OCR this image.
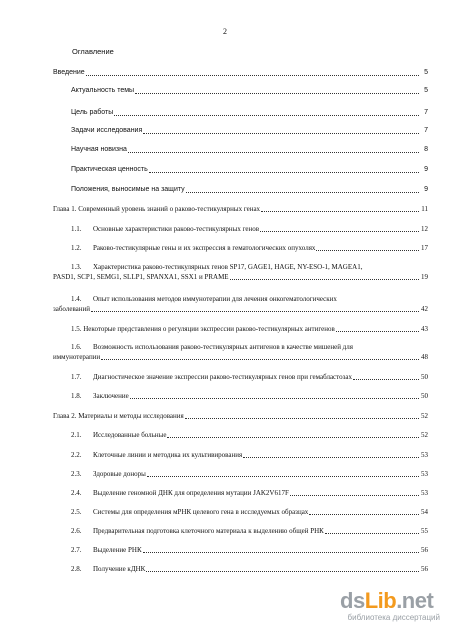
2
Оглавление
Введение	5
Актуальность темы	5
Цель работы	7
Задачи исследования	7
Научная новизна	8
Практическая ценность	9
Положения, выносимые на защиту	9
Глава 1. Современный уровень знаний о раково-тестикулярных генах	11
1.1.	Основные характеристики раково-тестикулярных генов	12
1.2.	Раково-тестикулярные гены и их экспрессия в гематологических опухолях	17
1.3. Характеристика раково-тестикулярных генов SP17, GAGE1, HAGE, NY-ESO-1, MAGEA1,
PASD1, SCP1, SEMG1, SLLP1, SPANXA1, SSX1 и PRAME	19
1.4. Опыт использования методов иммунотерапии для лечения онкогематологических
заболеваний	42
1.5. Некоторые представления о регуляции экспрессии раково-тестикулярных антигенов	43
1.6. Возможность использования раково-тестикулярных антигенов в качестве мишеней для
иммунотерапии	48
1.7.	Диагностическое значение экспрессии раково-тестикулярных генов при гемабластозах	50
1.8.	Заключение	50
Глава 2. Материалы и методы исследования	52
2.1.	Исследованные больные	52
2.2.	Клеточные линии и методика их культивирования	53
2.3.	Здоровые доноры	53
2.4.	Выделение геномной ДНК для определения мутации JAK2V617F	53
2.5.	Системы для определения мРНК целевого гена в исследуемых образцах	54
2.6.	Предварительная подготовка клеточного материала к выделению общей РНК	55
2.7.	Выделение РНК	56
2.8.	Получение кДНК	56
dsLib.net
библиотека диссертаций
